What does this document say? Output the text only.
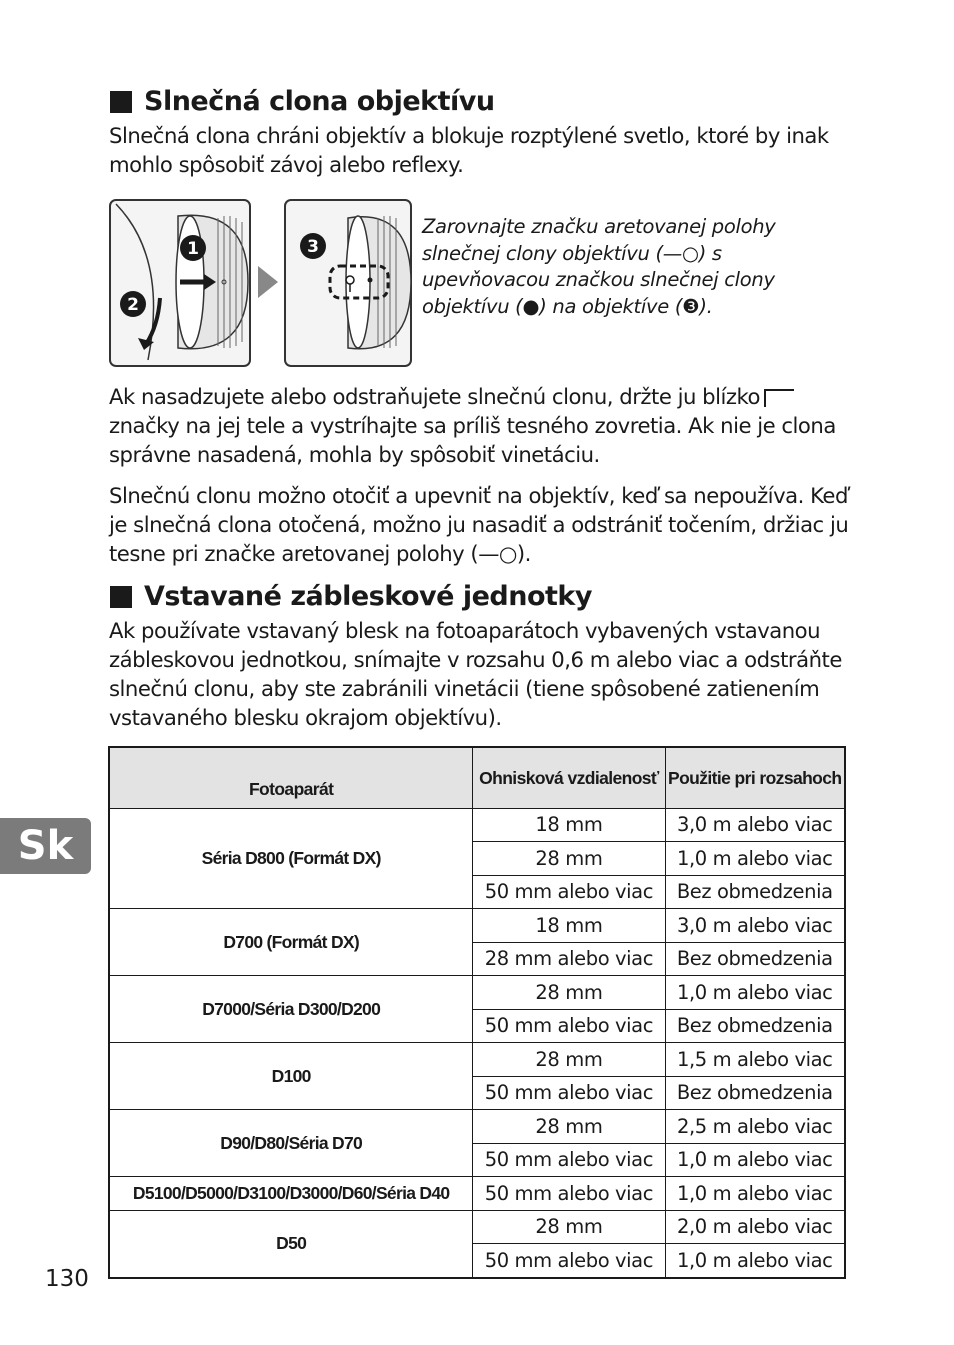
Slnečná clona objektívu

Slnečná clona chráni objektív a blokuje rozptýlené svetlo, ktoré by inak mohlo spôsobiť závoj alebo reflexy.

1
2
3

Zarovnajte značku aretovanej polohy slnečnej clony objektívu (—○) s upevňovacou značkou slnečnej clony objektívu (●) na objektíve (❸).

Ak nasadzujete alebo odstraňujete slnečnú clonu, držte ju blízko značky na jej tele a vystríhajte sa príliš tesného zovretia. Ak nie je clona správne nasadená, mohla by spôsobiť vinetáciu.

Slnečnú clonu možno otočiť a upevniť na objektív, keď sa nepoužíva. Keď je slnečná clona otočená, možno ju nasadiť a odstrániť točením, držiac ju tesne pri značke aretovanej polohy (—○).

Vstavané zábleskové jednotky

Ak používate vstavaný blesk na fotoaparátoch vybavených vstavanou zábleskovou jednotkou, snímajte v rozsahu 0,6 m alebo viac a odstráňte slnečnú clonu, aby ste zabránili vinetácii (tiene spôsobené zatienením vstavaného blesku okrajom objektívu).

Fotoaparát	Ohnisková vzdialenosť	Použitie pri rozsahoch
Séria D800 (Formát DX)	18 mm	3,0 m alebo viac
	28 mm	1,0 m alebo viac
	50 mm alebo viac	Bez obmedzenia
D700 (Formát DX)	18 mm	3,0 m alebo viac
	28 mm alebo viac	Bez obmedzenia
D7000/Séria D300/D200	28 mm	1,0 m alebo viac
	50 mm alebo viac	Bez obmedzenia
D100	28 mm	1,5 m alebo viac
	50 mm alebo viac	Bez obmedzenia
D90/D80/Séria D70	28 mm	2,5 m alebo viac
	50 mm alebo viac	1,0 m alebo viac
D5100/D5000/D3100/D3000/D60/Séria D40	50 mm alebo viac	1,0 m alebo viac
D50	28 mm	2,0 m alebo viac
	50 mm alebo viac	1,0 m alebo viac
Sk
130
